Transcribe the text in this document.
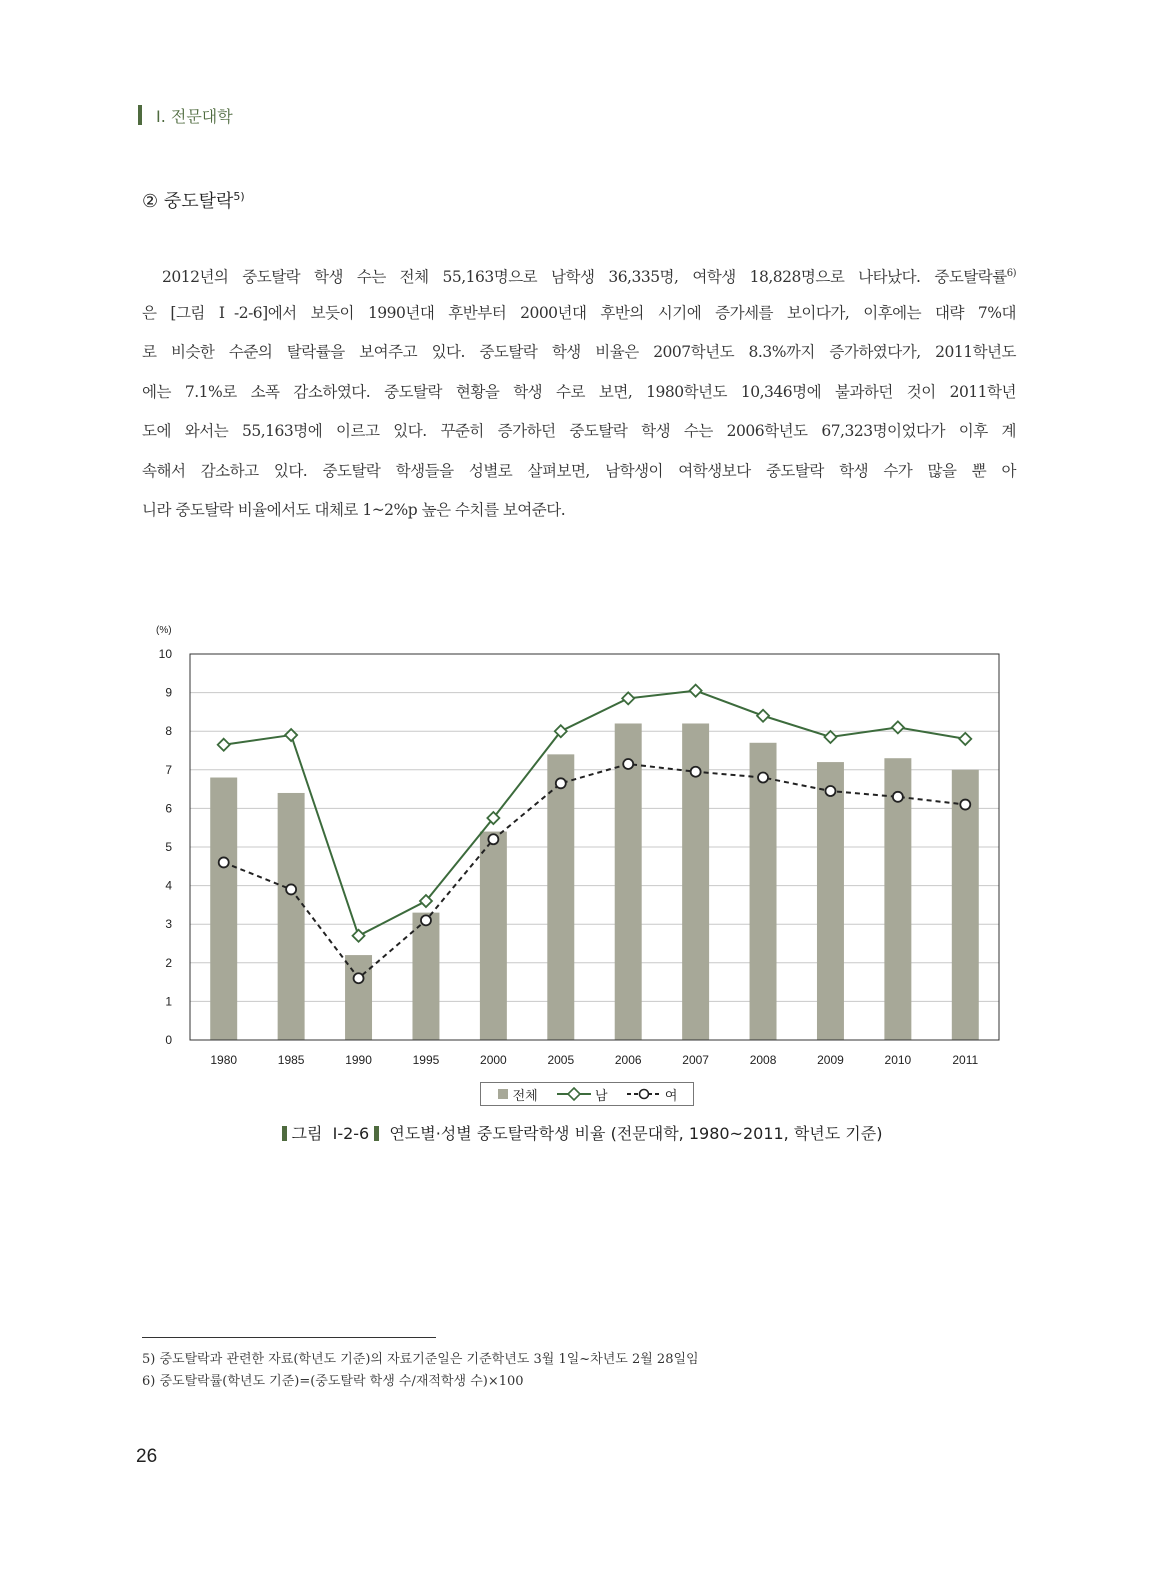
Ⅰ. 전문대학
② 중도탈락$^{5)}$
2012년의 중도탈락 학생 수는 전체 55,163명으로 남학생 36,335명, 여학생 18,828명으로 나타났다. 중도탈락률$^{6)}$
은 [그림 Ⅰ-2-6]에서 보듯이 1990년대 후반부터 2000년대 후반의 시기에 증가세를 보이다가, 이후에는 대략 7%대
로 비슷한 수준의 탈락률을 보여주고 있다. 중도탈락 학생 비율은 2007학년도 8.3%까지 증가하였다가, 2011학년도
에는 7.1%로 소폭 감소하였다. 중도탈락 현황을 학생 수로 보면, 1980학년도 10,346명에 불과하던 것이 2011학년
도에 와서는 55,163명에 이르고 있다. 꾸준히 증가하던 중도탈락 학생 수는 2006학년도 67,323명이었다가 이후 계
속해서 감소하고 있다. 중도탈락 학생들을 성별로 살펴보면, 남학생이 여학생보다 중도탈락 학생 수가 많을 뿐 아
니라 중도탈락 비율에서도 대체로 1~2%p 높은 수치를 보여준다.
0
1
2
3
4
5
6
7
8
9
10
(%)
1980	1985	1990	1995	2000	2005	2006	2007	2008	2009	2010	2011
전체	남	여
그림 Ⅰ-2-6 연도별·성별 중도탈락학생 비율 (전문대학, 1980~2011, 학년도 기준)
5) 중도탈락과 관련한 자료(학년도 기준)의 자료기준일은 기준학년도 3월 1일~차년도 2월 28일임
6) 중도탈락률(학년도 기준)=(중도탈락 학생 수/재적학생 수)×100
26
